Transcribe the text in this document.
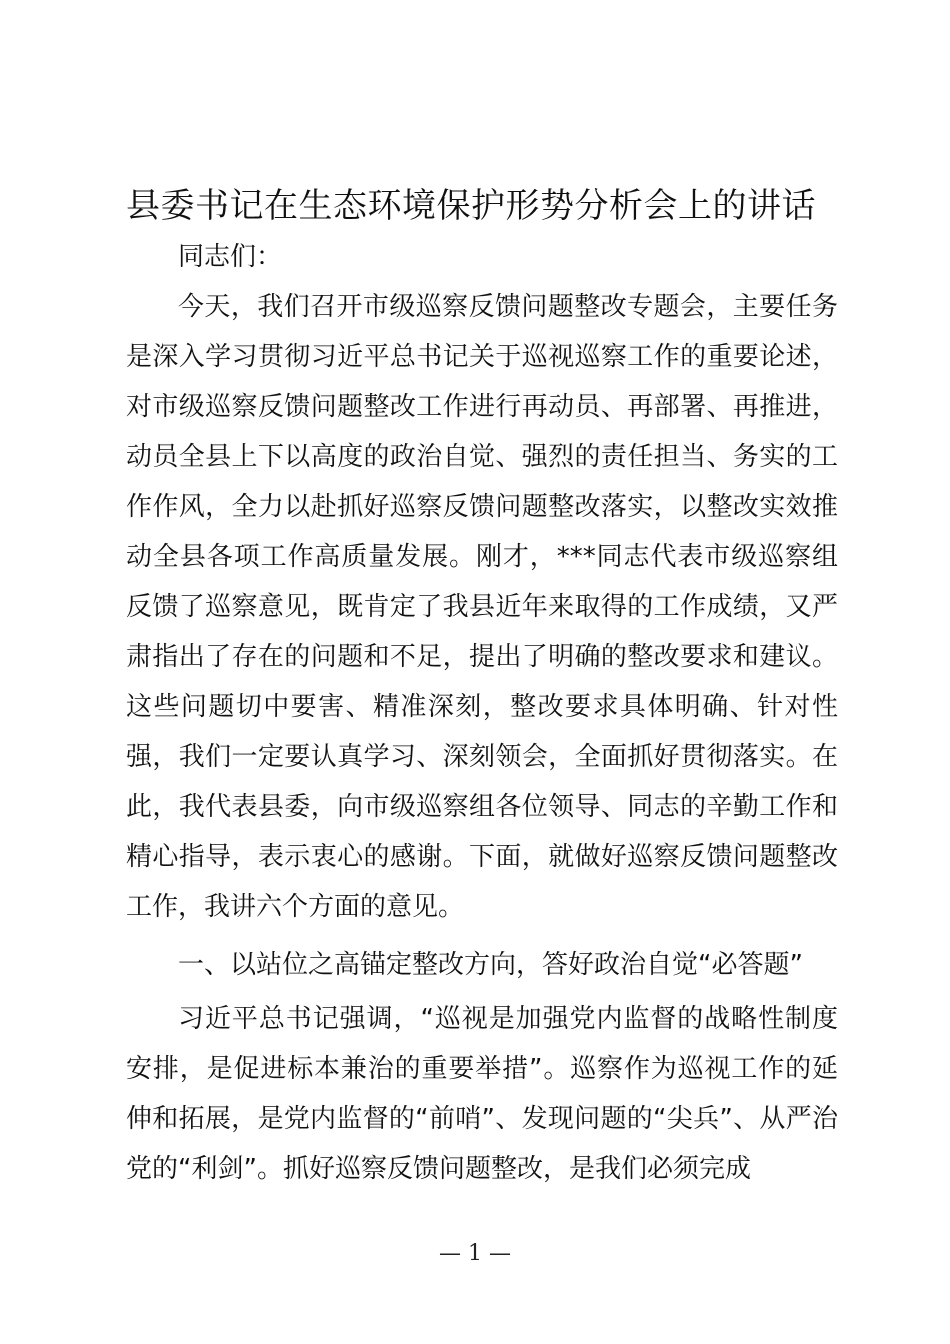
县委书记在生态环境保护形势分析会上的讲话

同志们：

今天，我们召开市级巡察反馈问题整改专题会，主要任务是深入学习贯彻习近平总书记关于巡视巡察工作的重要论述，对市级巡察反馈问题整改工作进行再动员、再部署、再推进，动员全县上下以高度的政治自觉、强烈的责任担当、务实的工作作风，全力以赴抓好巡察反馈问题整改落实，以整改实效推动全县各项工作高质量发展。刚才，***同志代表市级巡察组反馈了巡察意见，既肯定了我县近年来取得的工作成绩，又严肃指出了存在的问题和不足，提出了明确的整改要求和建议。这些问题切中要害、精准深刻，整改要求具体明确、针对性强，我们一定要认真学习、深刻领会，全面抓好贯彻落实。在此，我代表县委，向市级巡察组各位领导、同志的辛勤工作和精心指导，表示衷心的感谢。下面，就做好巡察反馈问题整改工作，我讲六个方面的意见。

一、以站位之高锚定整改方向，答好政治自觉“必答题”

习近平总书记强调，“巡视是加强党内监督的战略性制度安排，是促进标本兼治的重要举措”。巡察作为巡视工作的延伸和拓展，是党内监督的“前哨”、发现问题的“尖兵”、从严治党的“利剑”。抓好巡察反馈问题整改，是我们必须完成

— 1 —
